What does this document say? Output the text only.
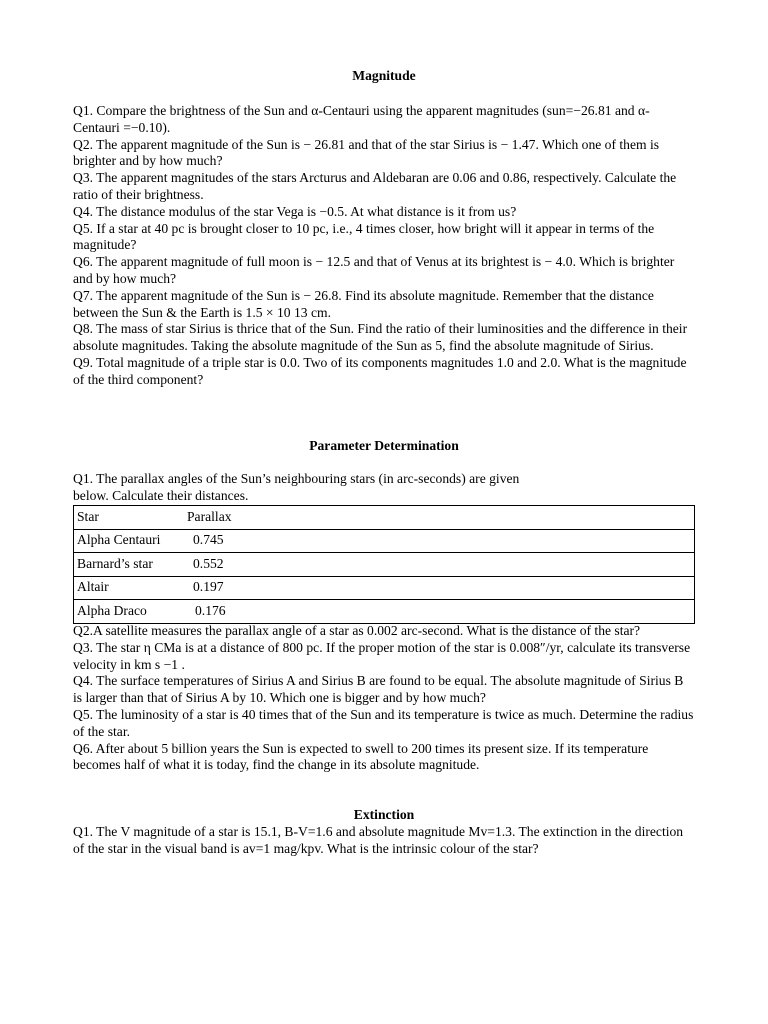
Magnitude

Q1. Compare the brightness of the Sun and α-Centauri using the apparent magnitudes (sun=−26.81 and α-Centauri =−0.10).

Q2. The apparent magnitude of the Sun is − 26.81 and that of the star Sirius is − 1.47. Which one of them is brighter and by how much?

Q3. The apparent magnitudes of the stars Arcturus and Aldebaran are 0.06 and 0.86, respectively. Calculate the ratio of their brightness.

Q4. The distance modulus of the star Vega is −0.5. At what distance is it from us?

Q5. If a star at 40 pc is brought closer to 10 pc, i.e., 4 times closer, how bright will it appear in terms of the magnitude?

Q6. The apparent magnitude of full moon is − 12.5 and that of Venus at its brightest is − 4.0. Which is brighter and by how much?

Q7. The apparent magnitude of the Sun is − 26.8. Find its absolute magnitude. Remember that the distance between the Sun & the Earth is 1.5 × 10 13 cm.

Q8. The mass of star Sirius is thrice that of the Sun. Find the ratio of their luminosities and the difference in their absolute magnitudes. Taking the absolute magnitude of the Sun as 5, find the absolute magnitude of Sirius.

Q9. Total magnitude of a triple star is 0.0. Two of its components magnitudes 1.0 and 2.0. What is the magnitude of the third component?

Parameter Determination

Q1. The parallax angles of the Sun’s neighbouring stars (in arc-seconds) are given

below. Calculate their distances.

Star	Parallax
Alpha Centauri 0.745
Barnard’s star	0.552
Altair	0.197
Alpha Draco	0.176

Q2.A satellite measures the parallax angle of a star as 0.002 arc-second. What is the distance of the star?

Q3. The star η CMa is at a distance of 800 pc. If the proper motion of the star is 0.008″/yr, calculate its transverse velocity in km s −1 .

Q4. The surface temperatures of Sirius A and Sirius B are found to be equal. The absolute magnitude of Sirius B is larger than that of Sirius A by 10. Which one is bigger and by how much?

Q5. The luminosity of a star is 40 times that of the Sun and its temperature is twice as much. Determine the radius of the star.

Q6. After about 5 billion years the Sun is expected to swell to 200 times its present size. If its temperature becomes half of what it is today, find the change in its absolute magnitude.

Extinction

Q1. The V magnitude of a star is 15.1, B-V=1.6 and absolute magnitude Mv=1.3. The extinction in the direction of the star in the visual band is av=1 mag/kpv. What is the intrinsic colour of the star?
